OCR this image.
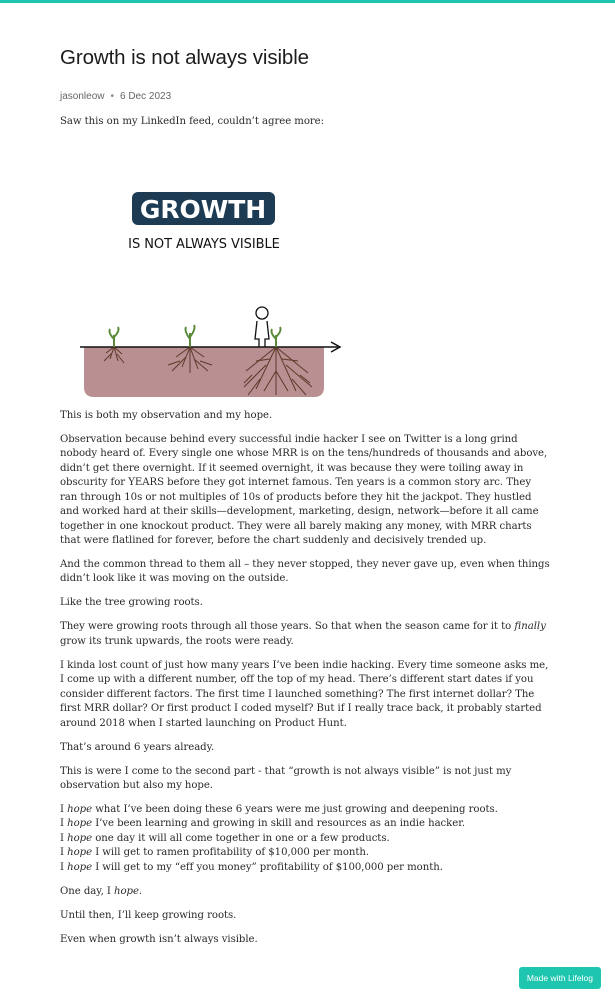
Growth is not always visible
jasonleow • 6 Dec 2023

Saw this on my LinkedIn feed, couldn’t agree more:

GROWTH
IS NOT ALWAYS VISIBLE

This is both my observation and my hope.

Observation because behind every successful indie hacker I see on Twitter is a long grind nobody heard of. Every single one whose MRR is on the tens/hundreds of thousands and above, didn’t get there overnight. If it seemed overnight, it was because they were toiling away in obscurity for YEARS before they got internet famous. Ten years is a common story arc. They ran through 10s or not multiples of 10s of products before they hit the jackpot. They hustled and worked hard at their skills—development, marketing, design, network—before it all came together in one knockout product. They were all barely making any money, with MRR charts that were flatlined for forever, before the chart suddenly and decisively trended up.

And the common thread to them all – they never stopped, they never gave up, even when things didn’t look like it was moving on the outside.

Like the tree growing roots.

They were growing roots through all those years. So that when the season came for it to finally grow its trunk upwards, the roots were ready.

I kinda lost count of just how many years I’ve been indie hacking. Every time someone asks me, I come up with a different number, off the top of my head. There’s different start dates if you consider different factors. The first time I launched something? The first internet dollar? The first MRR dollar? Or first product I coded myself? But if I really trace back, it probably started around 2018 when I started launching on Product Hunt.

That’s around 6 years already.

This is were I come to the second part - that “growth is not always visible” is not just my observation but also my hope.

I hope what I’ve been doing these 6 years were me just growing and deepening roots.
I hope I’ve been learning and growing in skill and resources as an indie hacker.
I hope one day it will all come together in one or a few products.
I hope I will get to ramen profitability of $10,000 per month.
I hope I will get to my “eff you money” profitability of $100,000 per month.

One day, I hope.

Until then, I’ll keep growing roots.

Even when growth isn’t always visible.

Made with Lifelog
